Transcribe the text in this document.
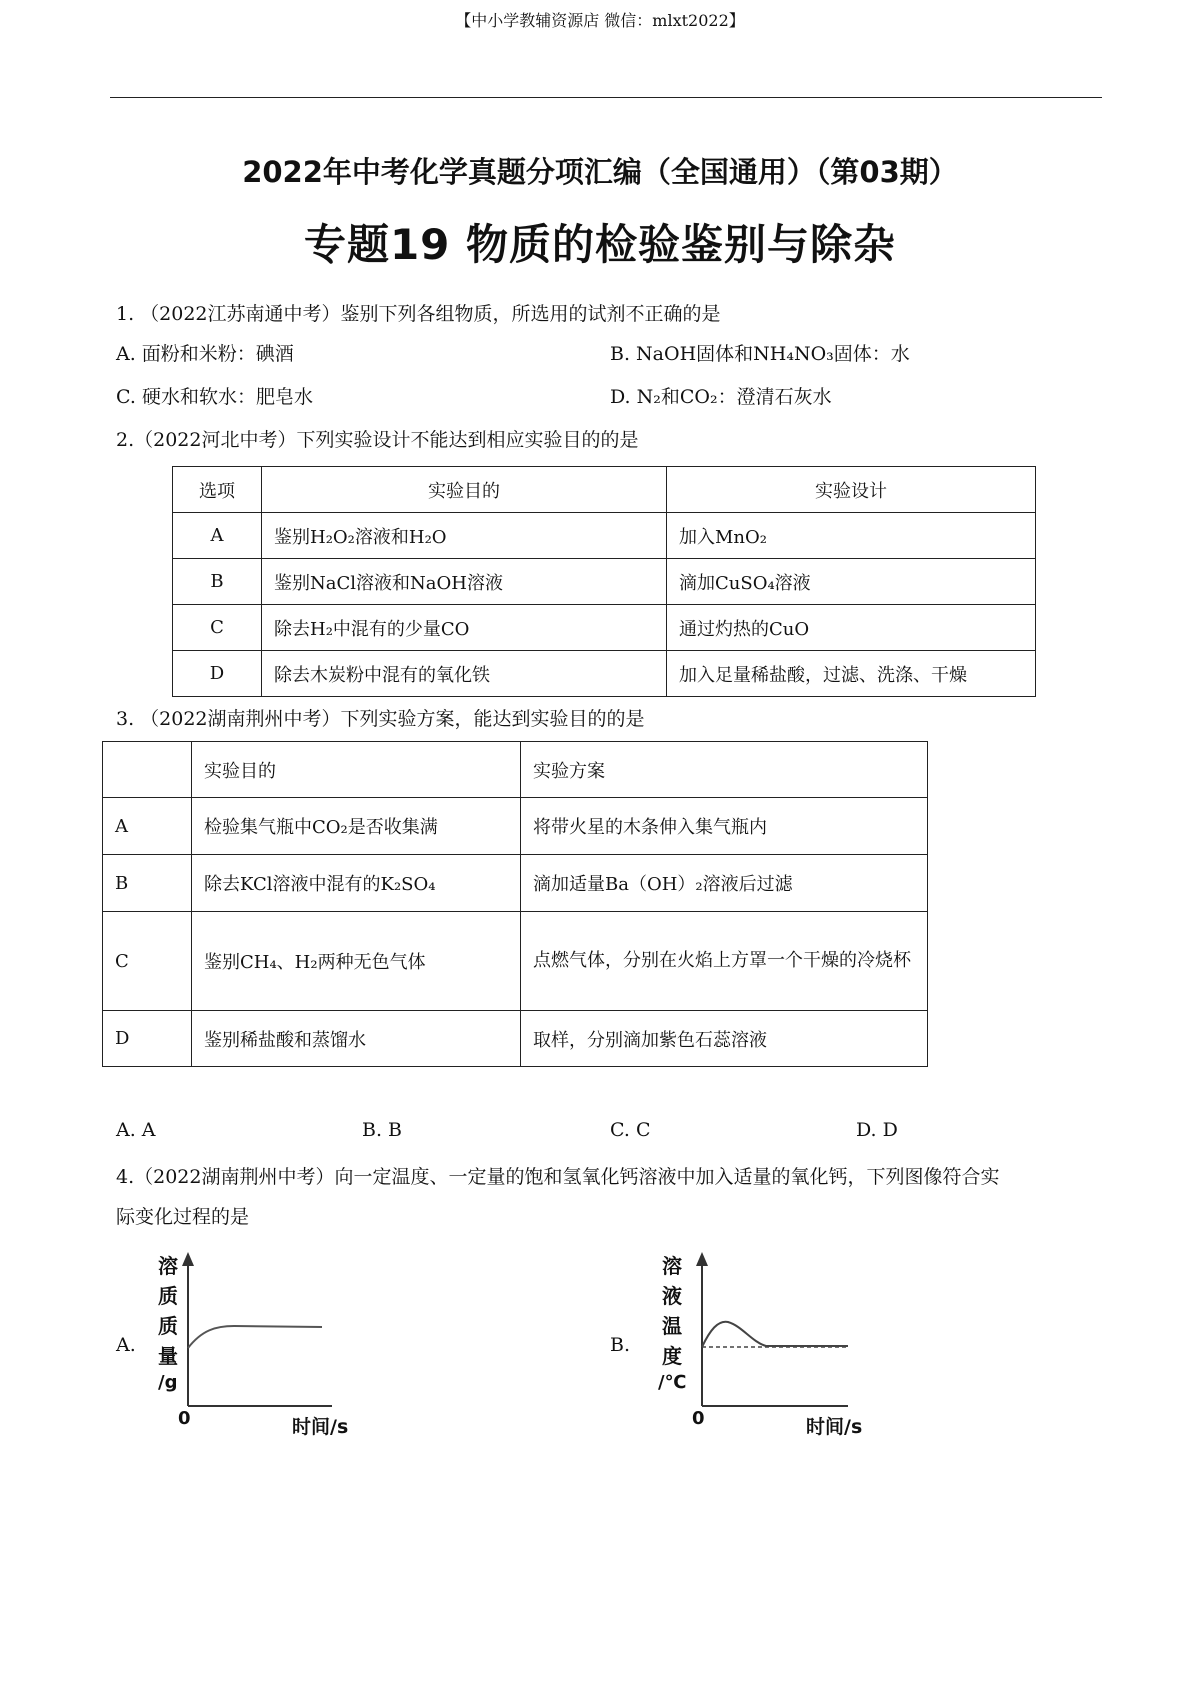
【中小学教辅资源店 微信：mlxt2022】
2022年中考化学真题分项汇编（全国通用）（第03期）
专题19 物质的检验鉴别与除杂
1. （2022江苏南通中考）鉴别下列各组物质，所选用的试剂不正确的是
A. 面粉和米粉：碘酒	B. NaOH固体和NH₄NO₃固体：水
C. 硬水和软水：肥皂水	D. N₂和CO₂：澄清石灰水
2.（2022河北中考）下列实验设计不能达到相应实验目的的是
选项	实验目的	实验设计
A	鉴别H₂O₂溶液和H₂O	加入MnO₂
B	鉴别NaCl溶液和NaOH溶液	滴加CuSO₄溶液
C	除去H₂中混有的少量CO	通过灼热的CuO
D	除去木炭粉中混有的氧化铁	加入足量稀盐酸，过滤、洗涤、干燥
3. （2022湖南荆州中考）下列实验方案，能达到实验目的的是
	实验目的	实验方案
A	检验集气瓶中CO₂是否收集满	将带火星的木条伸入集气瓶内
B	除去KCl溶液中混有的K₂SO₄	滴加适量Ba（OH）₂溶液后过滤
C	鉴别CH₄、H₂两种无色气体	点燃气体，分别在火焰上方罩一个干燥的冷烧杯
D	鉴别稀盐酸和蒸馏水	取样，分别滴加紫色石蕊溶液
A. A	B. B	C. C	D. D
4.（2022湖南荆州中考）向一定温度、一定量的饱和氢氧化钙溶液中加入适量的氧化钙，下列图像符合实
际变化过程的是
A.
溶
质
质
量
/g
0	时间/s
B.
溶
液
温
度
/℃
0	时间/s
